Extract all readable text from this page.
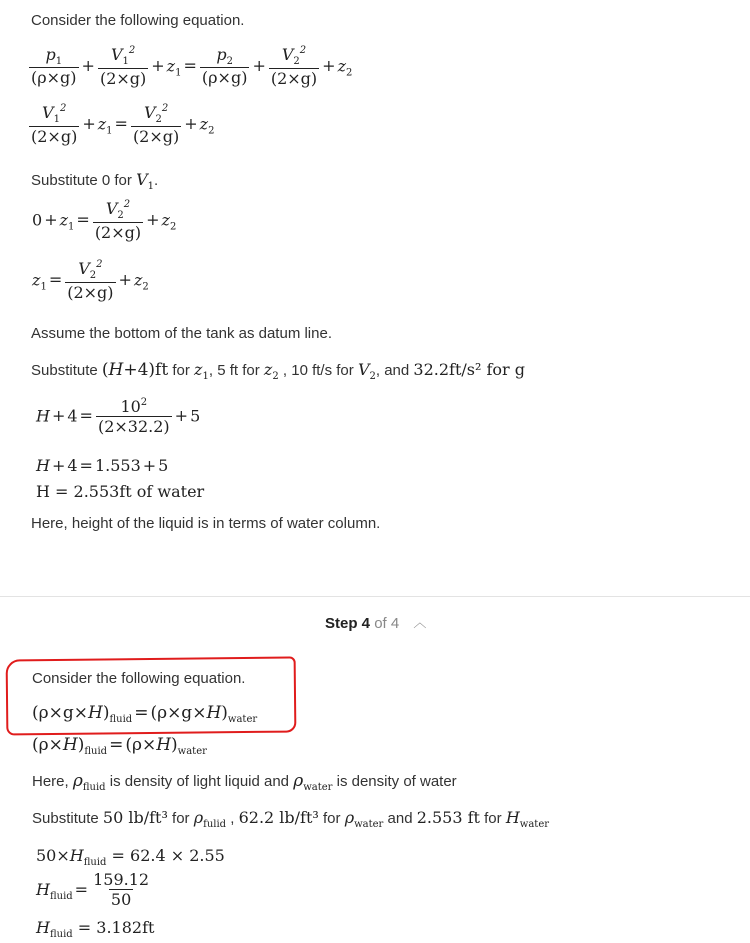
Consider the following equation.
$\frac{p_1}{(\rho\times g)} + \frac{V_1^2}{(2\times g)} + z_1 = \frac{p_2}{(\rho\times g)} + \frac{V_2^2}{(2\times g)} + z_2$
$\frac{V_1^2}{(2\times g)} + z_1 = \frac{V_2^2}{(2\times g)} + z_2$
Substitute 0 for $V_1$.
$0 + z_1 = \frac{V_2^2}{(2\times g)} + z_2$
$z_1 = \frac{V_2^2}{(2\times g)} + z_2$
Assume the bottom of the tank as datum line.
Substitute (H+4)ft for $z_1$, 5 ft for $z_2$ , 10 ft/s for $V_2$, and 32.2ft/s² for g
$H + 4 = \frac{10^2}{(2\times 32.2)} + 5$
H + 4 = 1.553 + 5
H = 2.553ft of water
Here, height of the liquid is in terms of water column.
Step 4 of 4 ︿
Consider the following equation.
$(\rho\times g\times H)_{fluid} = (\rho\times g\times H)_{water}$
$(\rho\times H)_{fluid} = (\rho\times H)_{water}$
Here, $\rho_{fluid}$ is density of light liquid and $\rho_{water}$ is density of water
Substitute 50 lb/ft³ for $\rho_{fulid}$ , 62.2 lb/ft³ for $\rho_{water}$ and 2.553 ft for $H_{water}$
$50\times H_{fluid} = 62.4 \times 2.55$
$H_{fluid} = \frac{159.12}{50}$
$H_{fluid} = 3.182ft$
